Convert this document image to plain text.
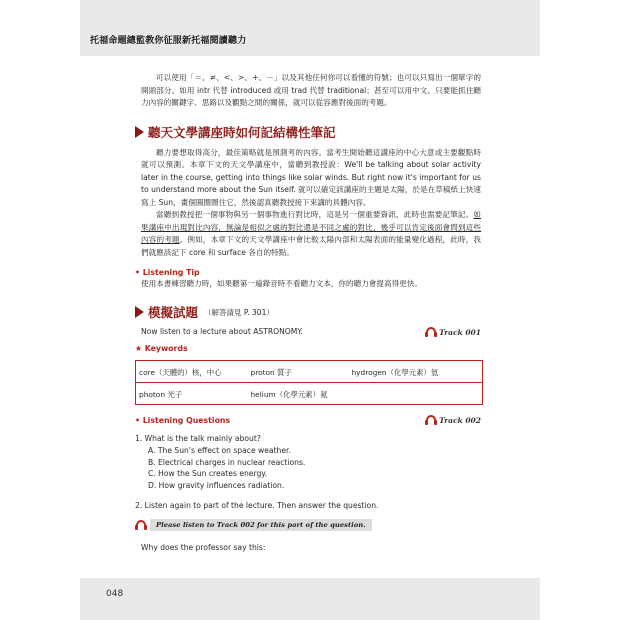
托福命題總監教你征服新托福閱讀聽力

可以使用「＝、≠、<、>、+、－」以及其他任何你可以看懂的符號；也可以只寫出一個單字的開頭部分。如用 intr 代替 introduced 或用 trad 代替 traditional；甚至可以用中文。只要能抓住聽力內容的關鍵字、思路以及觀點之間的關係，就可以從容應對後面的考題。

聽天文學講座時如何記結構性筆記

聽力要想取得高分，最佳策略就是預測考的內容。當考生開始聽這講座的中心大意或主要觀點時就可以預測。本章下文的天文學講座中，當聽到教授說：We'll be talking about solar activity later in the course, getting into things like solar winds. But right now it's important for us to understand more about the Sun itself. 就可以確定該講座的主題是太陽，於是在草稿紙上快速寫上 Sun，畫個圓圈圈住它，然後認真聽教授接下來講的具體內容。

當聽到教授把一個事物與另一個事物進行對比時，這是另一個重要資訊，此時也需要記筆記。如果講座中出現對比內容，無論是相似之處的對比還是不同之處的對比，幾乎可以肯定後面會問到這些內容的考題。例如，本章下文的天文學講座中會比較太陽內部和太陽表面的能量變化過程，此時，我們就應該記下 core 和 surface 各自的特點。

• Listening Tip
使用本書練習聽力時，如果聽第一遍錄音時不看聽力文本，你的聽力會提高得更快。
模擬試題 （解答請見 P. 301）
Now listen to a lecture about ASTRONOMY.	Track 001
★ Keywords
core（天體的）核，中心	proton 質子	hydrogen（化學元素）氫
photon 光子	helium（化學元素）氦	
• Listening Questions	Track 002
1. What is the talk mainly about?
A. The Sun's effect on space weather.
B. Electrical charges in nuclear reactions.
C. How the Sun creates energy.
D. How gravity influences radiation.
2. Listen again to part of the lecture. Then answer the question.
Please listen to Track 002 for this part of the question.
Why does the professor say this:
048
